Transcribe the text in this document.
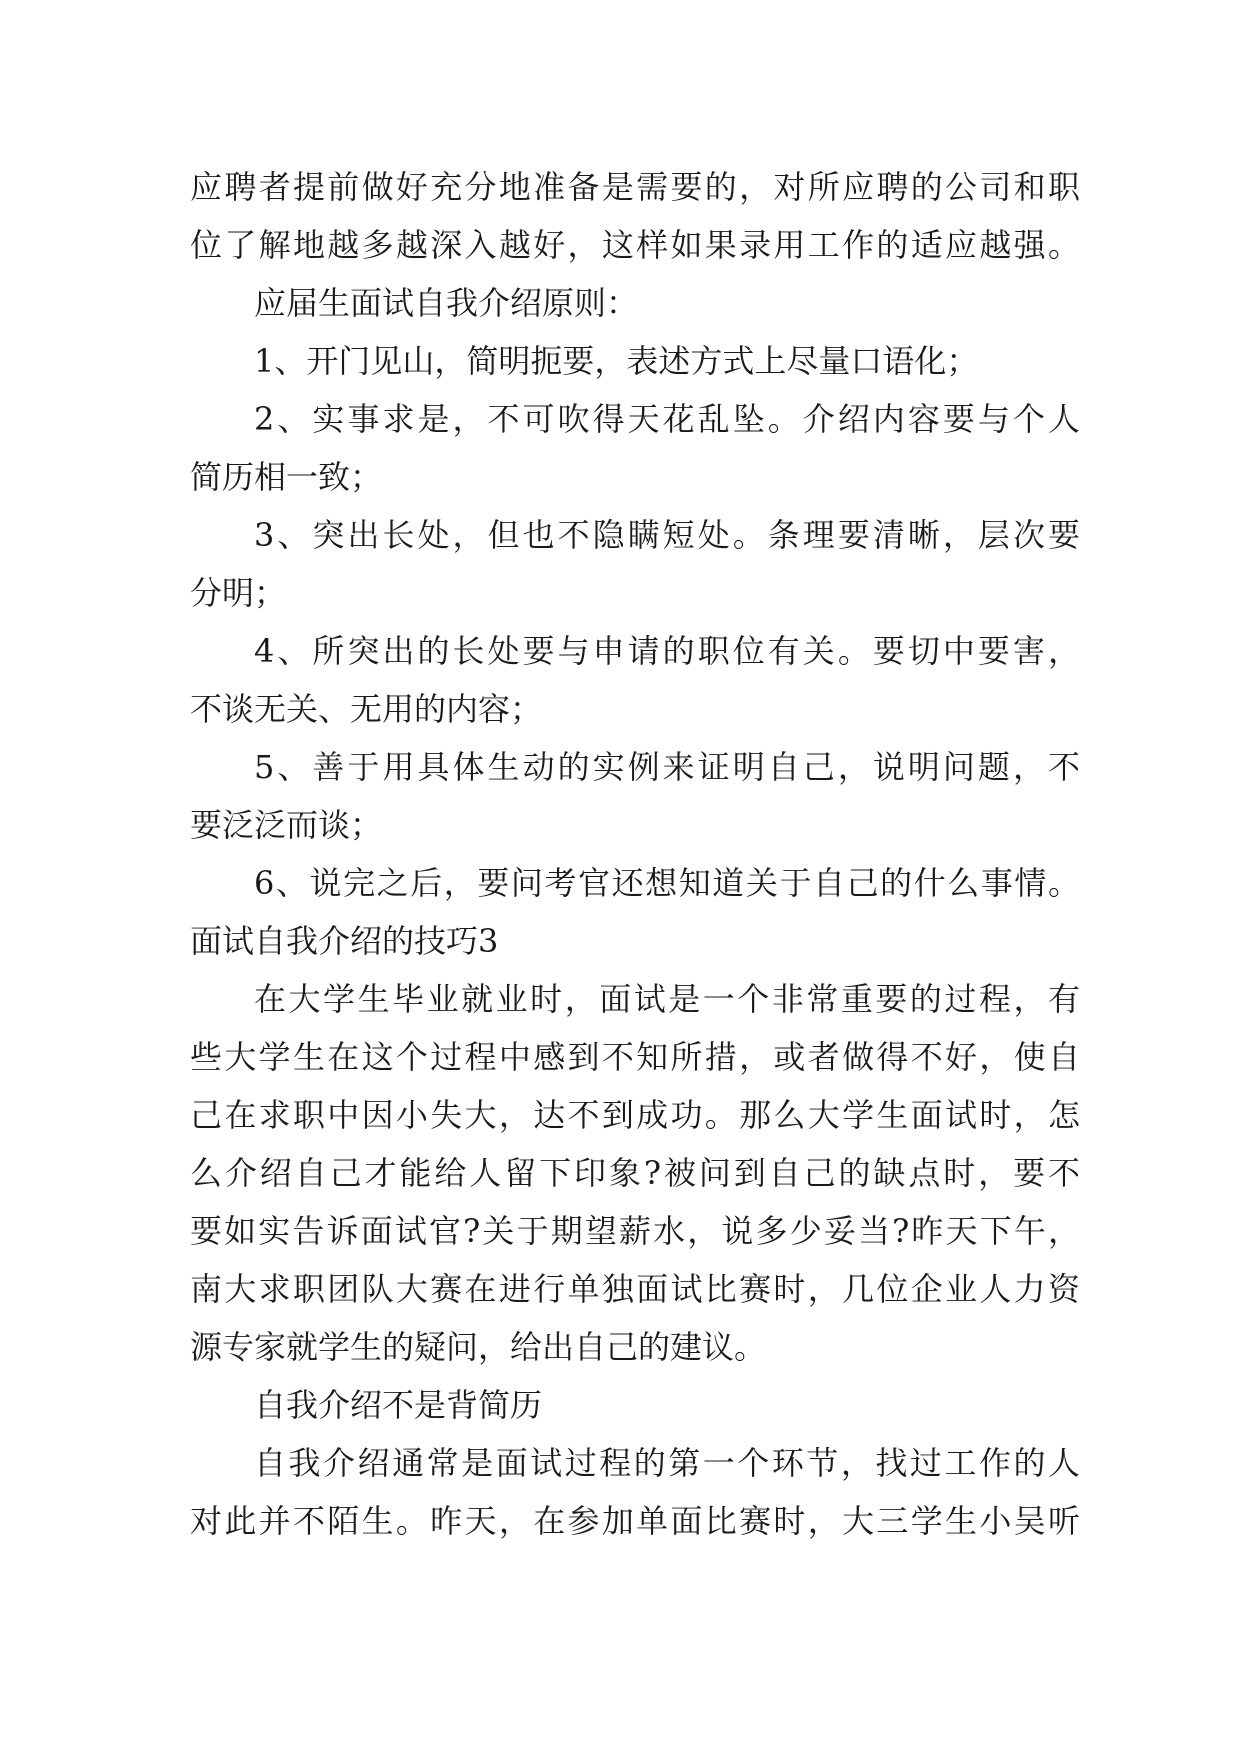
应聘者提前做好充分地准备是需要的，对所应聘的公司和职
位了解地越多越深入越好，这样如果录用工作的适应越强。
应届生面试自我介绍原则：
1、开门见山，简明扼要，表述方式上尽量口语化；
2、实事求是，不可吹得天花乱坠。介绍内容要与个人
简历相一致；
3、突出长处，但也不隐瞒短处。条理要清晰，层次要
分明；
4、所突出的长处要与申请的职位有关。要切中要害，
不谈无关、无用的内容；
5、善于用具体生动的实例来证明自己，说明问题，不
要泛泛而谈；
6、说完之后，要问考官还想知道关于自己的什么事情。
面试自我介绍的技巧3
在大学生毕业就业时，面试是一个非常重要的过程，有
些大学生在这个过程中感到不知所措，或者做得不好，使自
己在求职中因小失大，达不到成功。那么大学生面试时，怎
么介绍自己才能给人留下印象?被问到自己的缺点时，要不
要如实告诉面试官?关于期望薪水，说多少妥当?昨天下午，
南大求职团队大赛在进行单独面试比赛时，几位企业人力资
源专家就学生的疑问，给出自己的建议。
自我介绍不是背简历
自我介绍通常是面试过程的第一个环节，找过工作的人
对此并不陌生。昨天，在参加单面比赛时，大三学生小吴听
